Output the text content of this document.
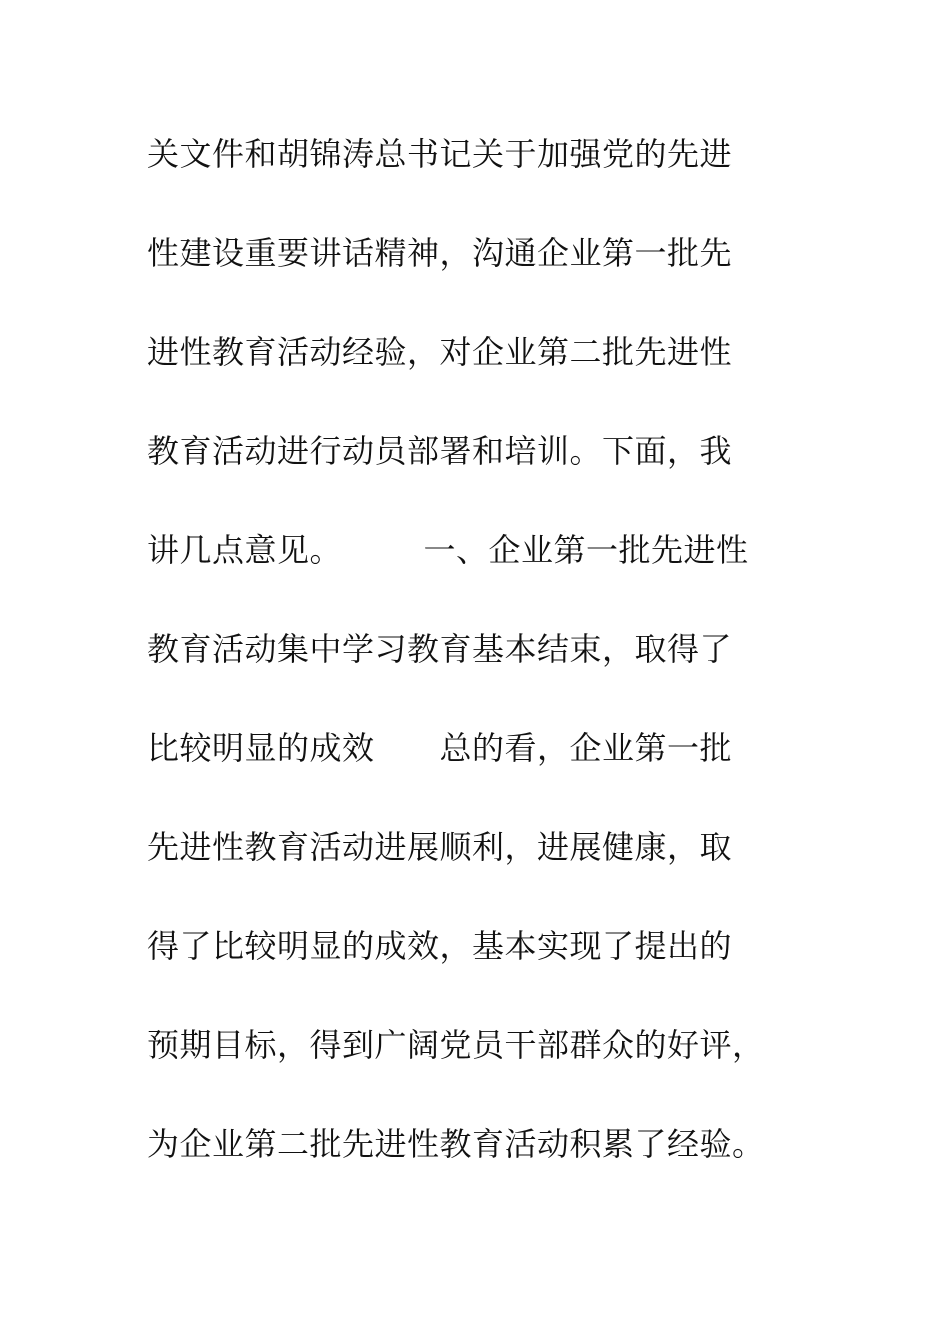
关文件和胡锦涛总书记关于加强党的先进
性建设重要讲话精神，沟通企业第一批先
进性教育活动经验，对企业第二批先进性
教育活动进行动员部署和培训。下面，我
讲几点意见。　　　一、企业第一批先进性
教育活动集中学习教育基本结束，取得了
比较明显的成效　　总的看，企业第一批
先进性教育活动进展顺利，进展健康，取
得了比较明显的成效，基本实现了提出的
预期目标，得到广阔党员干部群众的好评，
为企业第二批先进性教育活动积累了经验。
